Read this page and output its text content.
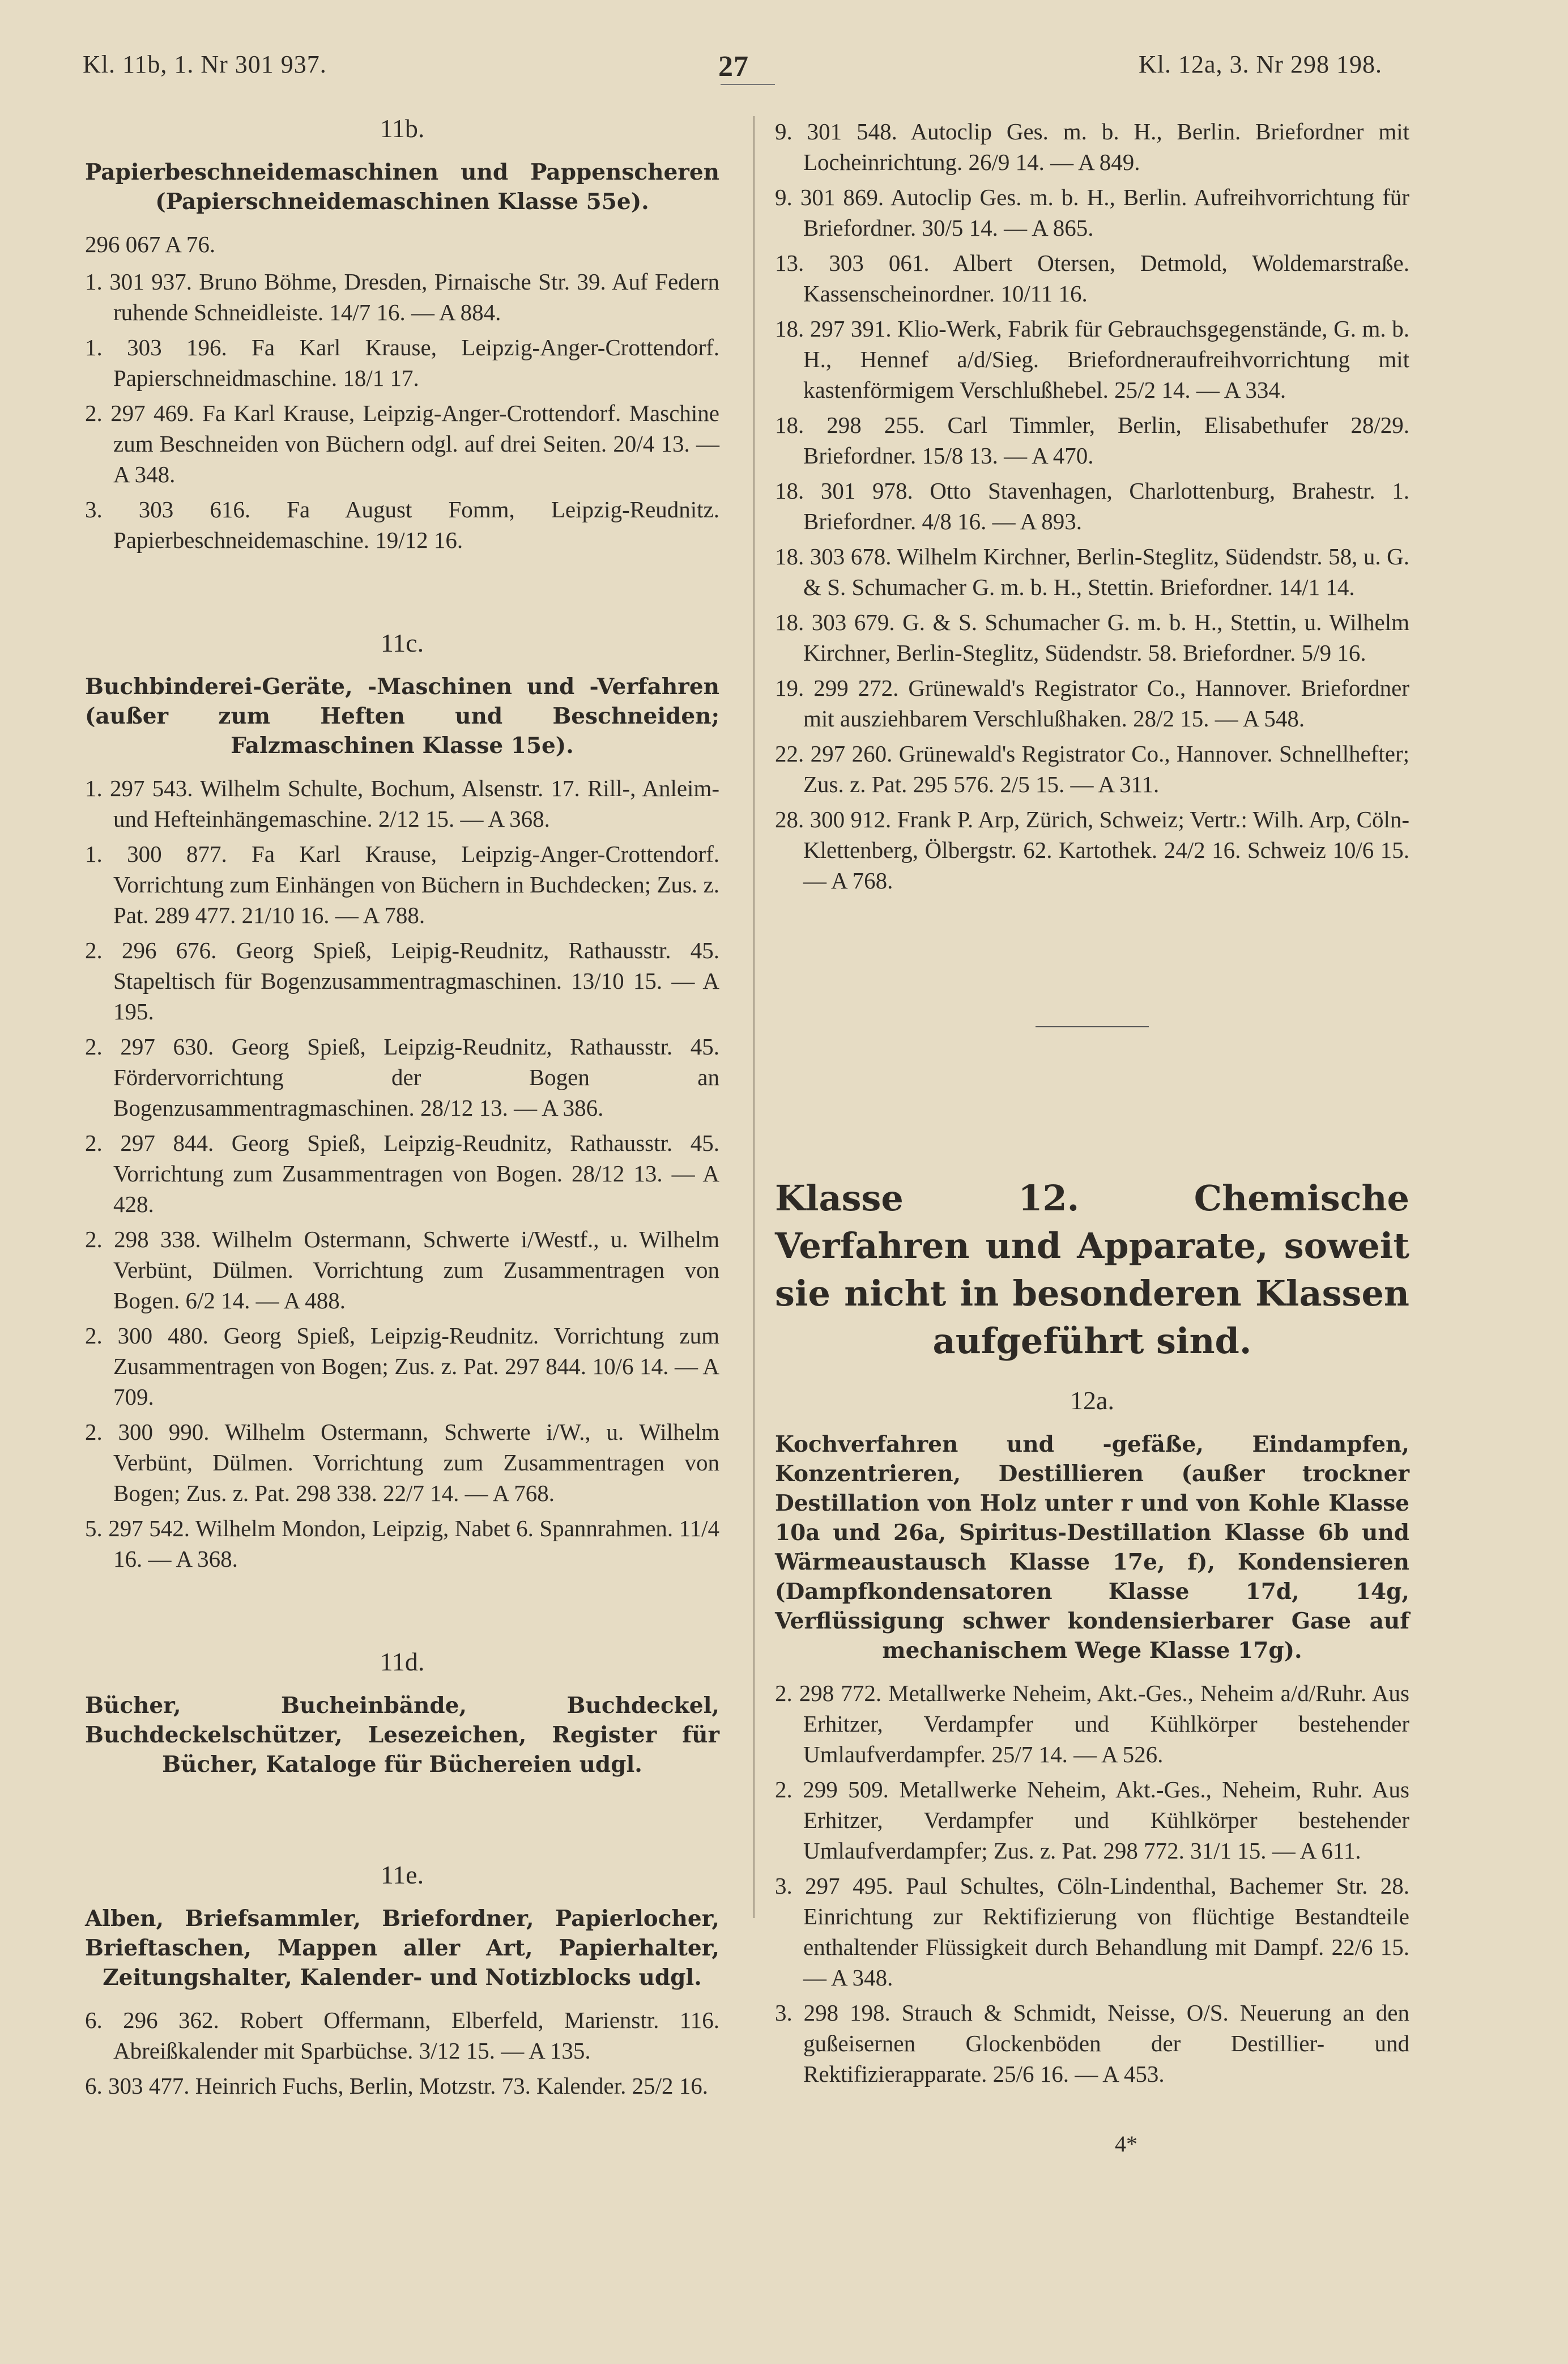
Kl. 11b, 1. Nr 301 937.	27	Kl. 12a, 3. Nr 298 198.
11b.
Papierbeschneidemaschinen und Pappenscheren (Papierschneidemaschinen Klasse 55e).
296 067 A 76.
1. 301 937. Bruno Böhme, Dresden, Pirnaische Str. 39. Auf Federn ruhende Schneidleiste. 14/7 16. — A 884.
1. 303 196. Fa Karl Krause, Leipzig-Anger-Crottendorf. Papierschneidmaschine. 18/1 17.
2. 297 469. Fa Karl Krause, Leipzig-Anger-Crottendorf. Maschine zum Beschneiden von Büchern odgl. auf drei Seiten. 20/4 13. — A 348.
3. 303 616. Fa August Fomm, Leipzig-Reudnitz. Papierbeschneidemaschine. 19/12 16.
11c.
Buchbinderei-Geräte, -Maschinen und -Verfahren (außer zum Heften und Beschneiden; Falzmaschinen Klasse 15e).
1. 297 543. Wilhelm Schulte, Bochum, Alsenstr. 17. Rill-, Anleim- und Hefteinhängemaschine. 2/12 15. — A 368.
1. 300 877. Fa Karl Krause, Leipzig-Anger-Crottendorf. Vorrichtung zum Einhängen von Büchern in Buchdecken; Zus. z. Pat. 289 477. 21/10 16. — A 788.
2. 296 676. Georg Spieß, Leipig-Reudnitz, Rathausstr. 45. Stapeltisch für Bogenzusammentragmaschinen. 13/10 15. — A 195.
2. 297 630. Georg Spieß, Leipzig-Reudnitz, Rathausstr. 45. Fördervorrichtung der Bogen an Bogenzusammentragmaschinen. 28/12 13. — A 386.
2. 297 844. Georg Spieß, Leipzig-Reudnitz, Rathausstr. 45. Vorrichtung zum Zusammentragen von Bogen. 28/12 13. — A 428.
2. 298 338. Wilhelm Ostermann, Schwerte i/Westf., u. Wilhelm Verbünt, Dülmen. Vorrichtung zum Zusammentragen von Bogen. 6/2 14. — A 488.
2. 300 480. Georg Spieß, Leipzig-Reudnitz. Vorrichtung zum Zusammentragen von Bogen; Zus. z. Pat. 297 844. 10/6 14. — A 709.
2. 300 990. Wilhelm Ostermann, Schwerte i/W., u. Wilhelm Verbünt, Dülmen. Vorrichtung zum Zusammentragen von Bogen; Zus. z. Pat. 298 338. 22/7 14. — A 768.
5. 297 542. Wilhelm Mondon, Leipzig, Nabet 6. Spannrahmen. 11/4 16. — A 368.
11d.
Bücher, Bucheinbände, Buchdeckel, Buchdeckelschützer, Lesezeichen, Register für Bücher, Kataloge für Büchereien udgl.
11e.
Alben, Briefsammler, Briefordner, Papierlocher, Brieftaschen, Mappen aller Art, Papierhalter, Zeitungshalter, Kalender- und Notizblocks udgl.
6. 296 362. Robert Offermann, Elberfeld, Marienstr. 116. Abreißkalender mit Sparbüchse. 3/12 15. — A 135.
6. 303 477. Heinrich Fuchs, Berlin, Motzstr. 73. Kalender. 25/2 16.
9. 301 548. Autoclip Ges. m. b. H., Berlin. Briefordner mit Locheinrichtung. 26/9 14. — A 849.
9. 301 869. Autoclip Ges. m. b. H., Berlin. Aufreihvorrichtung für Briefordner. 30/5 14. — A 865.
13. 303 061. Albert Otersen, Detmold, Woldemarstraße. Kassenscheinordner. 10/11 16.
18. 297 391. Klio-Werk, Fabrik für Gebrauchsgegenstände, G. m. b. H., Hennef a/d/Sieg. Briefordneraufreihvorrichtung mit kastenförmigem Verschlußhebel. 25/2 14. — A 334.
18. 298 255. Carl Timmler, Berlin, Elisabethufer 28/29. Briefordner. 15/8 13. — A 470.
18. 301 978. Otto Stavenhagen, Charlottenburg, Brahestr. 1. Briefordner. 4/8 16. — A 893.
18. 303 678. Wilhelm Kirchner, Berlin-Steglitz, Südendstr. 58, u. G. & S. Schumacher G. m. b. H., Stettin. Briefordner. 14/1 14.
18. 303 679. G. & S. Schumacher G. m. b. H., Stettin, u. Wilhelm Kirchner, Berlin-Steglitz, Südendstr. 58. Briefordner. 5/9 16.
19. 299 272. Grünewald's Registrator Co., Hannover. Briefordner mit ausziehbarem Verschlußhaken. 28/2 15. — A 548.
22. 297 260. Grünewald's Registrator Co., Hannover. Schnellhefter; Zus. z. Pat. 295 576. 2/5 15. — A 311.
28. 300 912. Frank P. Arp, Zürich, Schweiz; Vertr.: Wilh. Arp, Cöln-Klettenberg, Ölbergstr. 62. Kartothek. 24/2 16. Schweiz 10/6 15. — A 768.
Klasse 12. Chemische Verfahren und Apparate, soweit sie nicht in besonderen Klassen aufgeführt sind.
12a.
Kochverfahren und -gefäße, Eindampfen, Konzentrieren, Destillieren (außer trockner Destillation von Holz unter r und von Kohle Klasse 10a und 26a, Spiritus-Destillation Klasse 6b und Wärmeaustausch Klasse 17e, f), Kondensieren (Dampfkondensatoren Klasse 17d, 14g, Verflüssigung schwer kondensierbarer Gase auf mechanischem Wege Klasse 17g).
2. 298 772. Metallwerke Neheim, Akt.-Ges., Neheim a/d/Ruhr. Aus Erhitzer, Verdampfer und Kühlkörper bestehender Umlaufverdampfer. 25/7 14. — A 526.
2. 299 509. Metallwerke Neheim, Akt.-Ges., Neheim, Ruhr. Aus Erhitzer, Verdampfer und Kühlkörper bestehender Umlaufverdampfer; Zus. z. Pat. 298 772. 31/1 15. — A 611.
3. 297 495. Paul Schultes, Cöln-Lindenthal, Bachemer Str. 28. Einrichtung zur Rektifizierung von flüchtige Bestandteile enthaltender Flüssigkeit durch Behandlung mit Dampf. 22/6 15. — A 348.
3. 298 198. Strauch & Schmidt, Neisse, O/S. Neuerung an den gußeisernen Glockenböden der Destillier- und Rektifizierapparate. 25/6 16. — A 453.
4*
